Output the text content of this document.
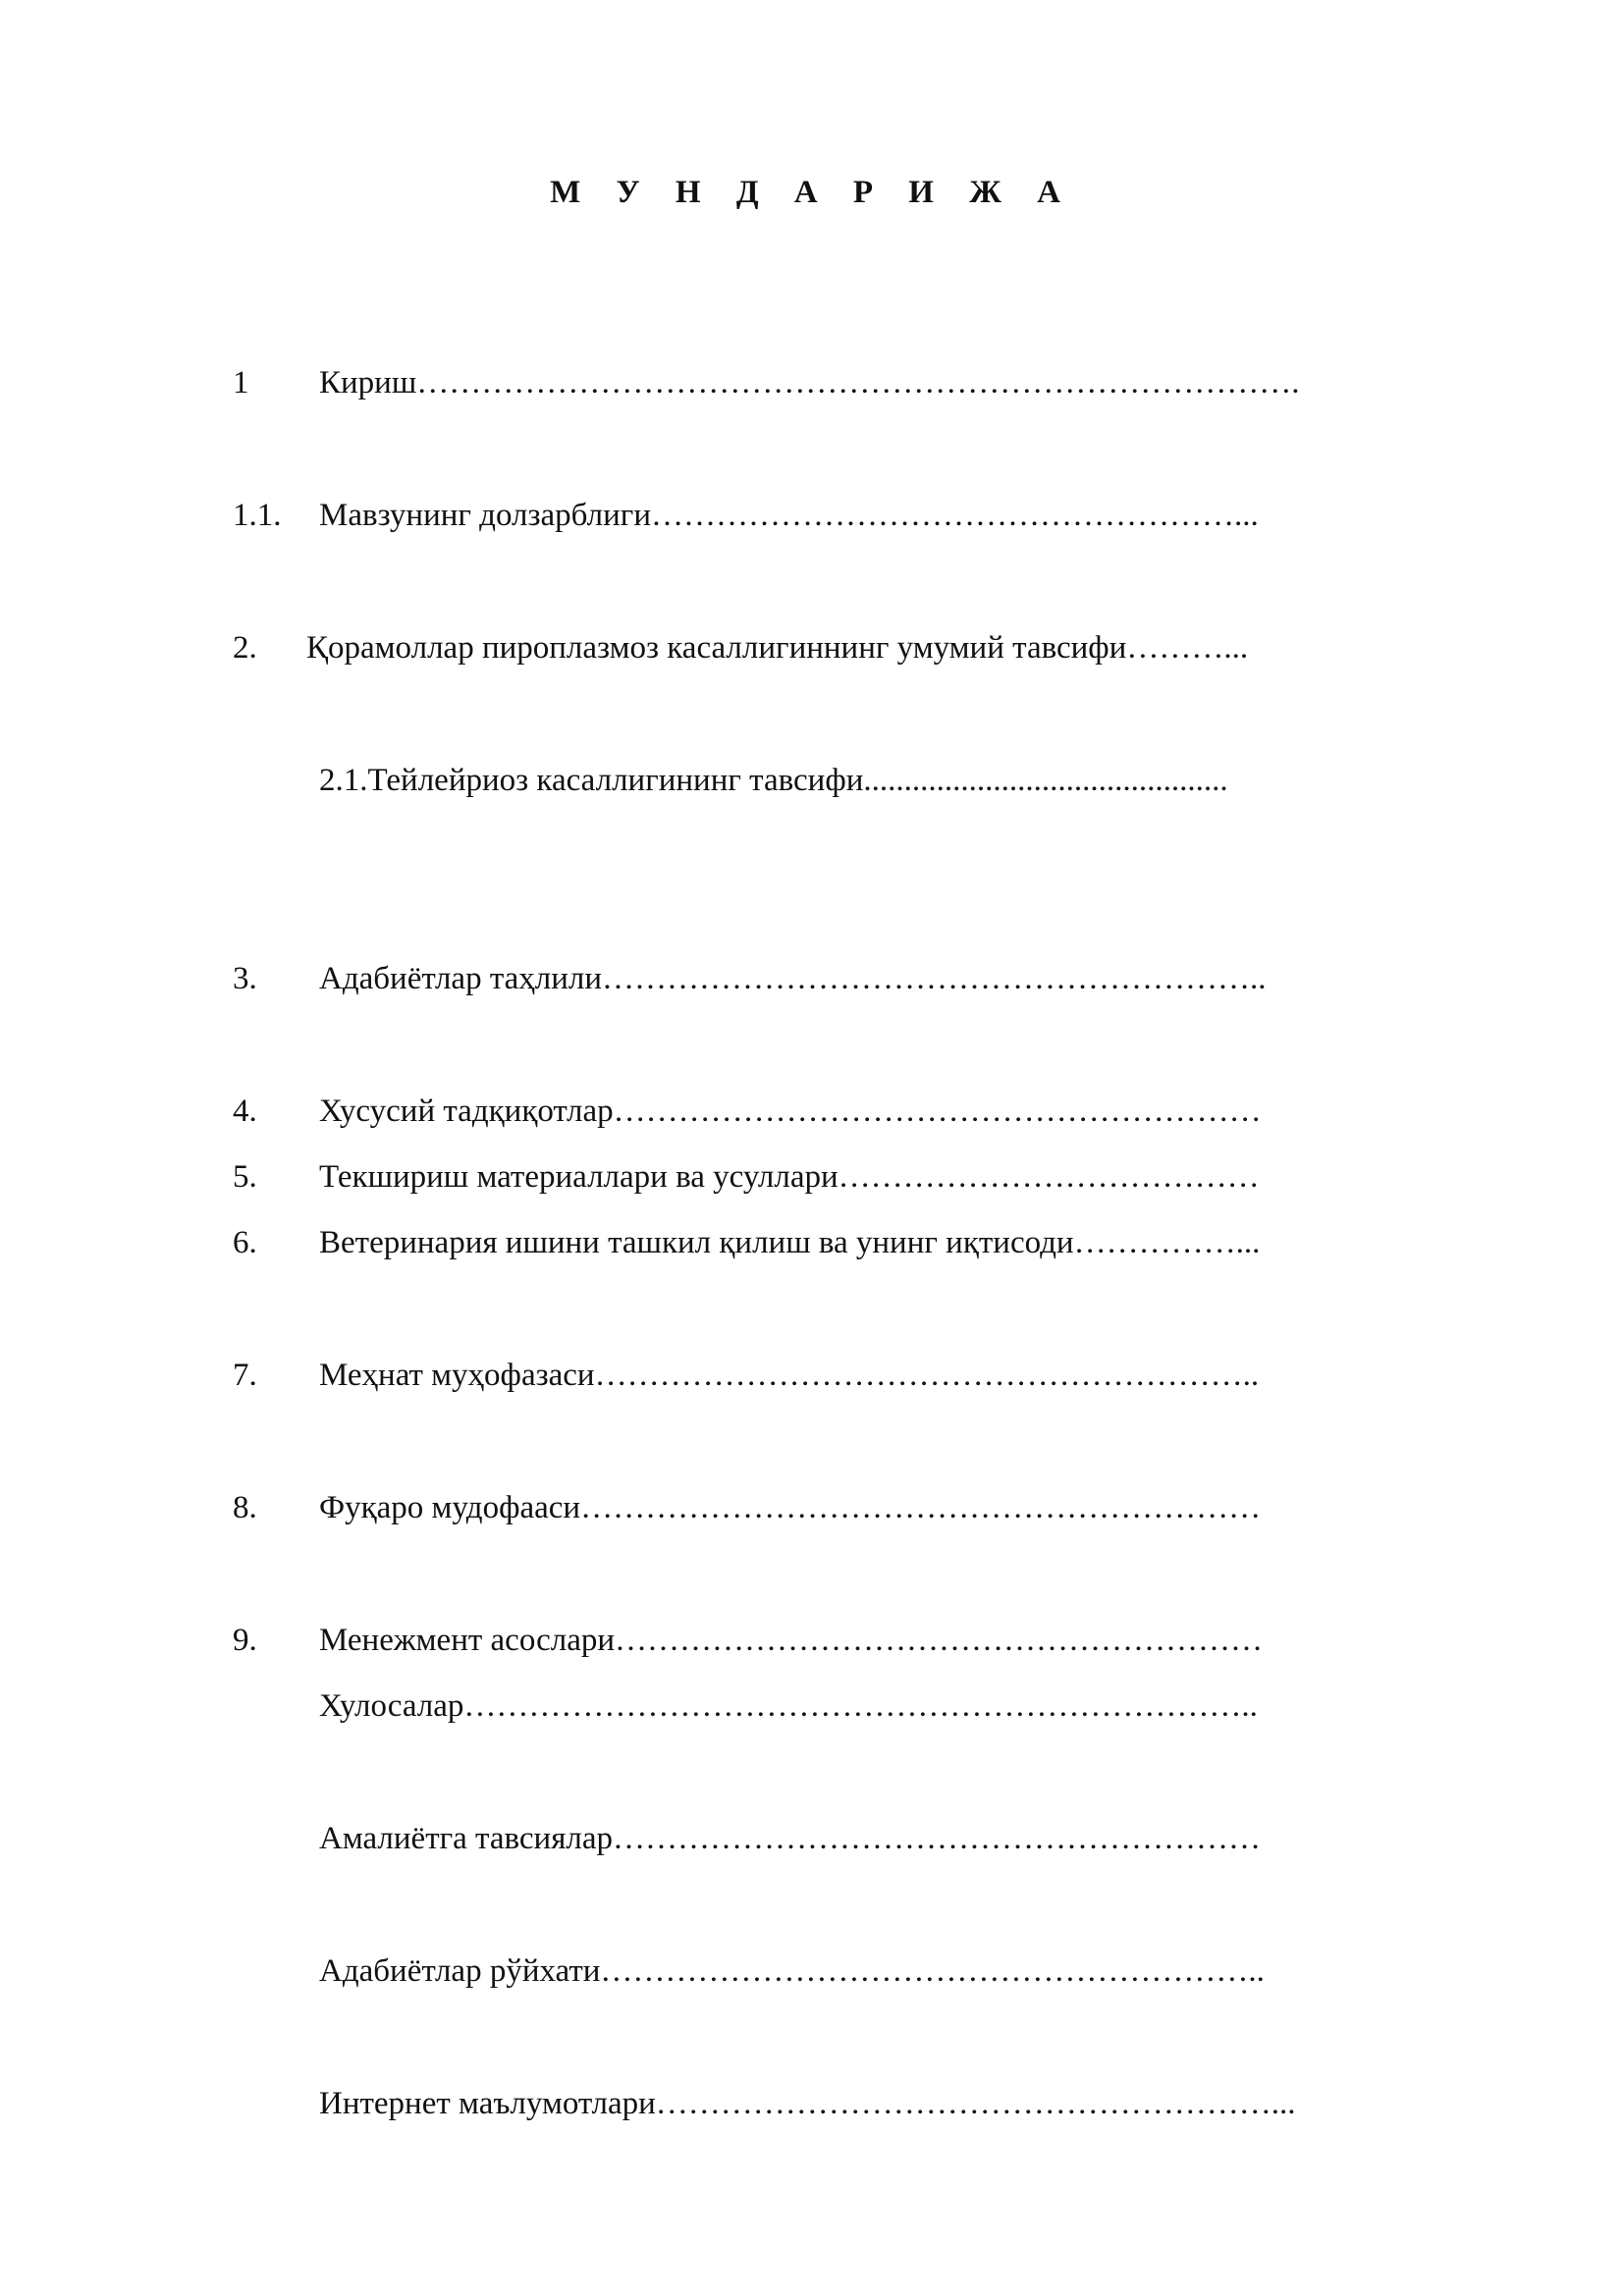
М У Н Д А Р И Ж А
1 Кириш……………………………………………………………………….
1.1. Мавзунинг долзарблиги………………………………………………...
2. Қорамоллар пироплазмоз касаллигиннинг умумий тавсифи………...
2.1.Тейлейриоз касаллигининг тавсифи.............................................
3. Адабиётлар таҳлили……………………………………………………..
4. Хусусий тадқиқотлар……………………………………………………
5. Текшириш материаллари ва усуллари…………………………………
6. Ветеринария ишини ташкил қилиш ва унинг иқтисоди……………...
7. Меҳнат муҳофазаси……………………………………………………..
8. Фуқаро мудофааси………………………………………………………
9. Менежмент асослари……………………………………………………
Хулосалар………………………………………………………………..
Амалиётга тавсиялар……………………………………………………
Адабиётлар рўйхати……………………………………………………..
Интернет маълумотлари…………………………………………………...
